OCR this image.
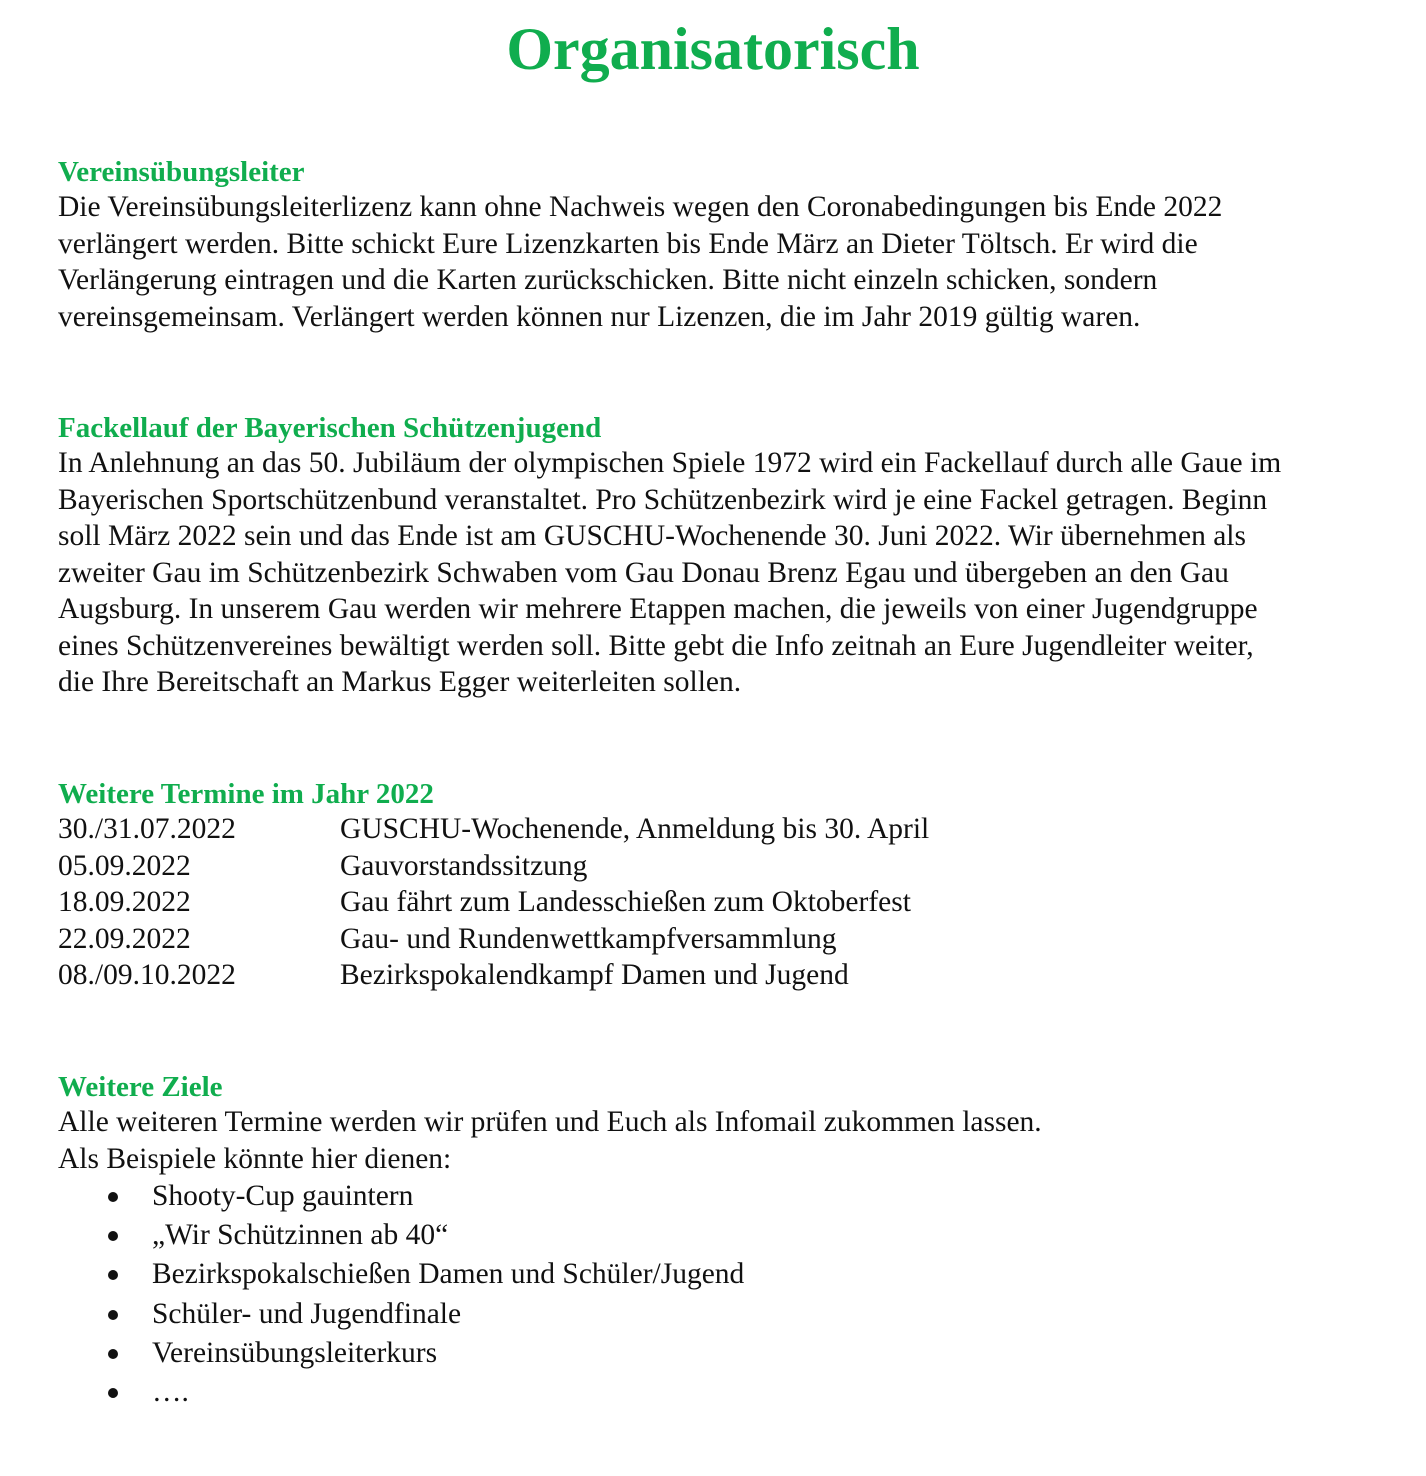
Organisatorisch
Vereinsübungsleiter

Die Vereinsübungsleiterlizenz kann ohne Nachweis wegen den Coronabedingungen bis Ende 2022
verlängert werden. Bitte schickt Eure Lizenzkarten bis Ende März an Dieter Töltsch. Er wird die
Verlängerung eintragen und die Karten zurückschicken. Bitte nicht einzeln schicken, sondern
vereinsgemeinsam. Verlängert werden können nur Lizenzen, die im Jahr 2019 gültig waren.

Fackellauf der Bayerischen Schützenjugend

In Anlehnung an das 50. Jubiläum der olympischen Spiele 1972 wird ein Fackellauf durch alle Gaue im
Bayerischen Sportschützenbund veranstaltet. Pro Schützenbezirk wird je eine Fackel getragen. Beginn
soll März 2022 sein und das Ende ist am GUSCHU-Wochenende 30. Juni 2022. Wir übernehmen als
zweiter Gau im Schützenbezirk Schwaben vom Gau Donau Brenz Egau und übergeben an den Gau
Augsburg. In unserem Gau werden wir mehrere Etappen machen, die jeweils von einer Jugendgruppe
eines Schützenvereines bewältigt werden soll. Bitte gebt die Info zeitnah an Eure Jugendleiter weiter,
die Ihre Bereitschaft an Markus Egger weiterleiten sollen.

Weitere Termine im Jahr 2022
30./31.07.2022	GUSCHU-Wochenende, Anmeldung bis 30. April
05.09.2022	Gauvorstandssitzung
18.09.2022	Gau fährt zum Landesschießen zum Oktoberfest
22.09.2022	Gau- und Rundenwettkampfversammlung
08./09.10.2022	Bezirkspokalendkampf Damen und Jugend
Weitere Ziele

Alle weiteren Termine werden wir prüfen und Euch als Infomail zukommen lassen.
Als Beispiele könnte hier dienen:

Shooty-Cup gauintern
„Wir Schützinnen ab 40“
Bezirkspokalschießen Damen und Schüler/Jugend
Schüler- und Jugendfinale
Vereinsübungsleiterkurs
….
